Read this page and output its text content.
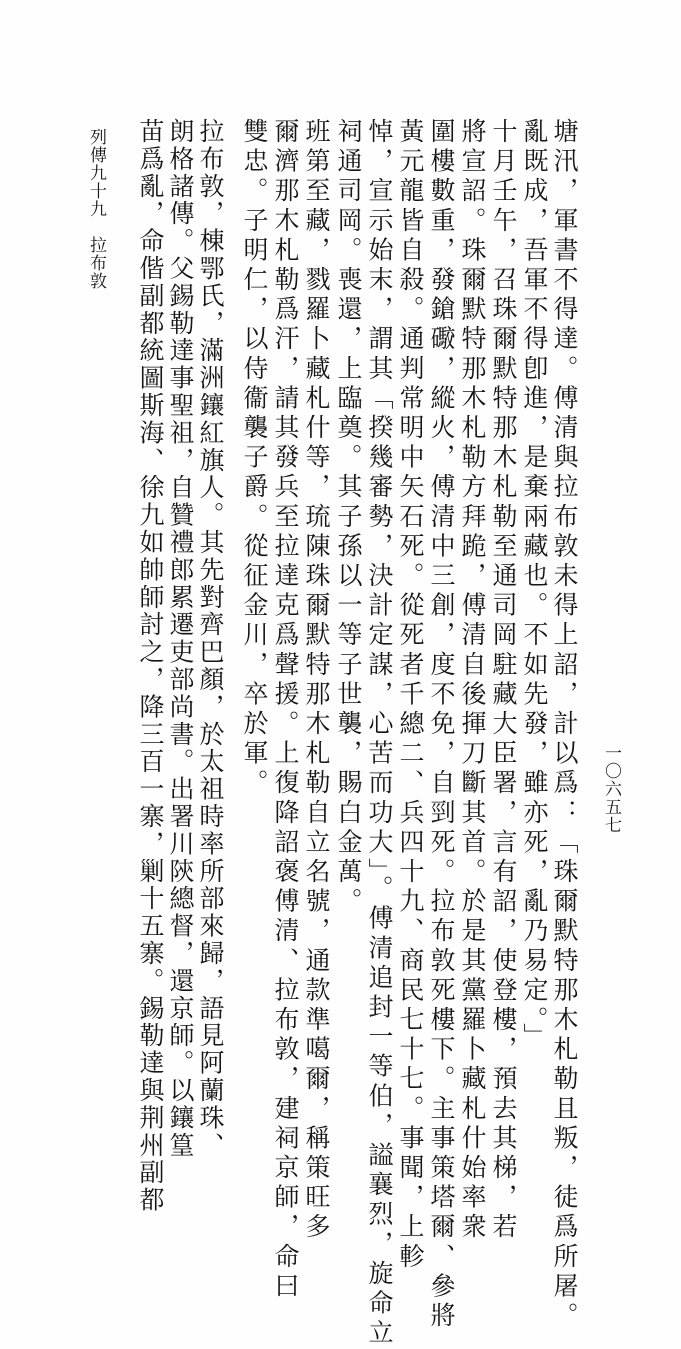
塘汛，軍書不得達。傅清與拉布敦未得上詔，計以爲：「珠爾默特那木札勒且叛，徒爲所屠。
亂既成，吾軍不得卽進，是棄兩藏也。不如先發，雖亦死，亂乃易定。」
十月壬午，召珠爾默特那木札勒至通司岡駐藏大臣署，言有詔，使登樓，預去其梯，若
將宣詔。珠爾默特那木札勒方拜跪，傅清自後揮刀斷其首。於是其黨羅卜藏札什始率衆
圍樓數重，發鎗礮，縱火，傅清中三創，度不免，自剄死。拉布敦死樓下。主事策塔爾、參將
黃元龍皆自殺。通判常明中矢石死。從死者千總二、兵四十九、商民七十七。事聞，上軫
悼，宣示始末，謂其「揆幾審勢，決計定謀，心苦而功大」。傅清追封一等伯，謚襄烈，旋命立
祠通司岡。喪還，上臨奠。其子孫以一等子世襲，賜白金萬。
班第至藏，戮羅卜藏札什等，琉陳珠爾默特那木札勒自立名號，通款準噶爾，稱策旺多
爾濟那木札勒爲汗，請其發兵至拉達克爲聲援。上復降詔褒傅清、拉布敦，建祠京師，命曰
雙忠。子明仁，以侍衞襲子爵。從征金川，卒於軍。
拉布敦，棟鄂氏，滿洲鑲紅旗人。其先對齊巴顏，於太祖時率所部來歸，語見阿蘭珠、
朗格諸傳。父錫勒達事聖祖，自贊禮郎累遷吏部尚書。出署川陝總督，還京師。以鑲篁
苗爲亂，命偕副都統圖斯海、徐九如帥師討之，降三百一寨，剿十五寨。錫勒達與荆州副都	一〇六五七
列傳九十九　拉布敦
